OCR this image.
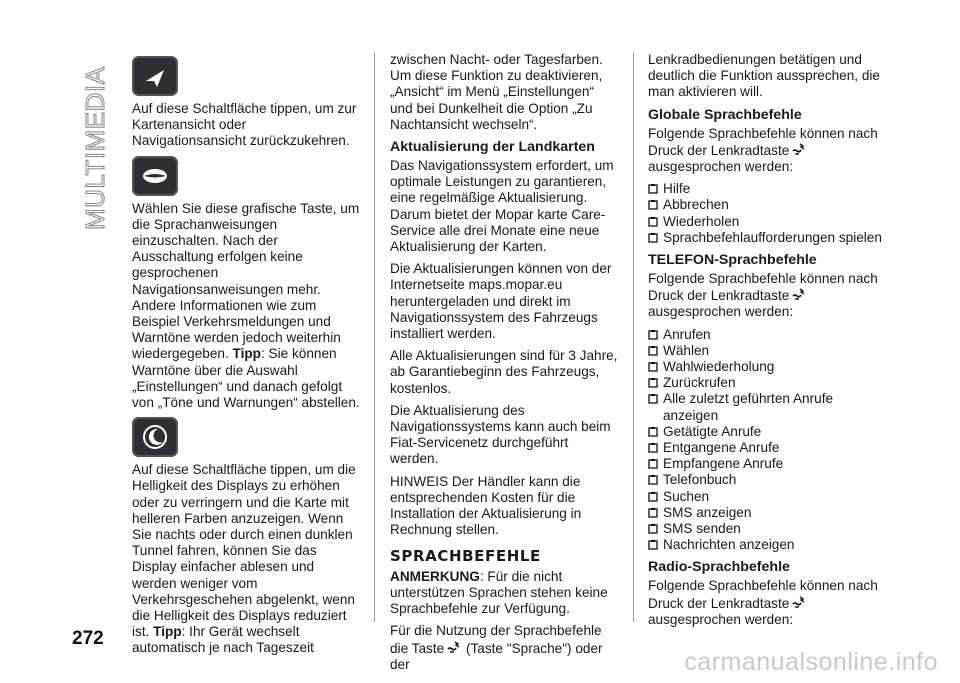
MULTIMEDIA
272

Auf diese Schaltfläche tippen, um zur Kartenansicht oder Navigationsansicht zurückzukehren.

Wählen Sie diese grafische Taste, um die Sprachanweisungen einzuschalten. Nach der Ausschaltung erfolgen keine gesprochenen Navigationsanweisungen mehr. Andere Informationen wie zum Beispiel Verkehrsmeldungen und Warntöne werden jedoch weiterhin wiedergegeben. Tipp: Sie können Warntöne über die Auswahl „Einstellungen“ und danach gefolgt von „Töne und Warnungen“ abstellen.

Auf diese Schaltfläche tippen, um die Helligkeit des Displays zu erhöhen oder zu verringern und die Karte mit helleren Farben anzuzeigen. Wenn Sie nachts oder durch einen dunklen Tunnel fahren, können Sie das Display einfacher ablesen und werden weniger vom Verkehrsgeschehen abgelenkt, wenn die Helligkeit des Displays reduziert ist. Tipp: Ihr Gerät wechselt automatisch je nach Tageszeit

zwischen Nacht- oder Tagesfarben. Um diese Funktion zu deaktivieren, „Ansicht“ im Menü „Einstellungen“ und bei Dunkelheit die Option „Zu Nachtansicht wechseln“.

Aktualisierung der Landkarten

Das Navigationssystem erfordert, um optimale Leistungen zu garantieren, eine regelmäßige Aktualisierung. Darum bietet der Mopar karte Care-Service alle drei Monate eine neue Aktualisierung der Karten.

Die Aktualisierungen können von der Internetseite maps.mopar.eu heruntergeladen und direkt im Navigationssystem des Fahrzeugs installiert werden.

Alle Aktualisierungen sind für 3 Jahre, ab Garantiebeginn des Fahrzeugs, kostenlos.

Die Aktualisierung des Navigationssystems kann auch beim Fiat-Servicenetz durchgeführt werden.

HINWEIS Der Händler kann die entsprechenden Kosten für die Installation der Aktualisierung in Rechnung stellen.

SPRACHBEFEHLE

ANMERKUNG: Für die nicht unterstützen Sprachen stehen keine Sprachbefehle zur Verfügung.

Für die Nutzung der Sprachbefehle die Taste (Taste "Sprache") oder der

Lenkradbedienungen betätigen und deutlich die Funktion aussprechen, die man aktivieren will.

Globale Sprachbefehle

Folgende Sprachbefehle können nach Druck der Lenkradtaste
ausgesprochen werden:

Hilfe
Abbrechen
Wiederholen
Sprachbefehlaufforderungen spielen
TELEFON-Sprachbefehle

Folgende Sprachbefehle können nach Druck der Lenkradtaste
ausgesprochen werden:

Anrufen
Wählen
Wahlwiederholung
Zurückrufen
Alle zuletzt geführten Anrufe anzeigen
Getätigte Anrufe
Entgangene Anrufe
Empfangene Anrufe
Telefonbuch
Suchen
SMS anzeigen
SMS senden
Nachrichten anzeigen
Radio-Sprachbefehle

Folgende Sprachbefehle können nach Druck der Lenkradtaste
ausgesprochen werden:

carmanualsonline.info
